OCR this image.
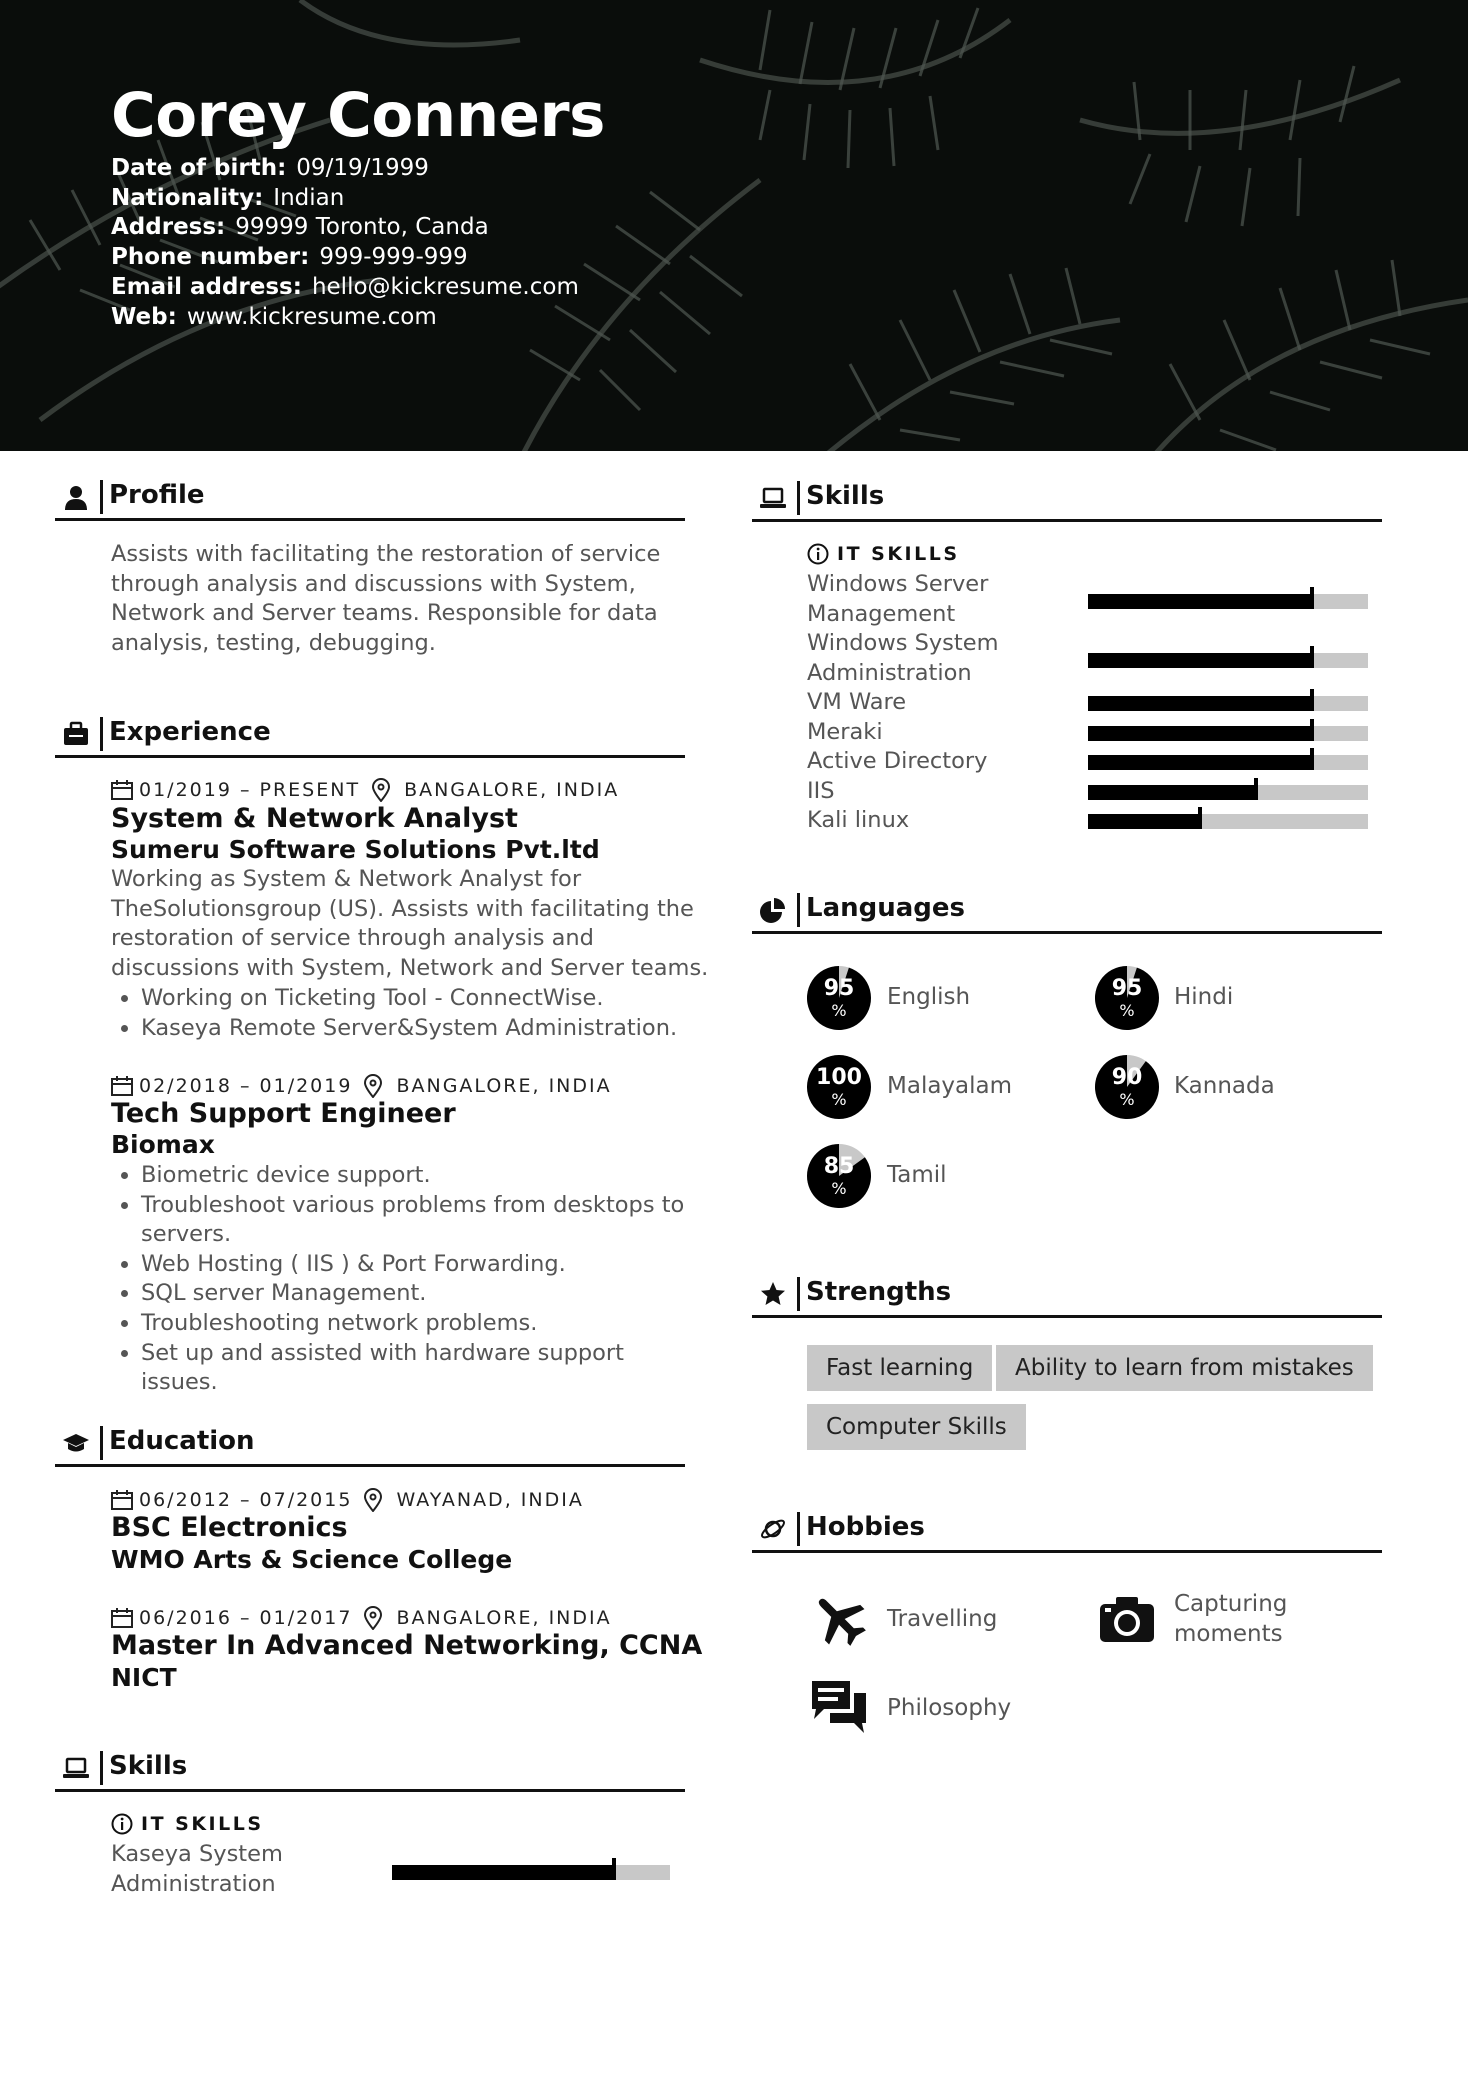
Corey Conners
Date of birth: 09/19/1999
Nationality: Indian
Address: 99999 Toronto, Canda
Phone number: 999-999-999
Email address: hello@kickresume.com
Web: www.kickresume.com
Profile
Assists with facilitating the restoration of service
through analysis and discussions with System,
Network and Server teams. Responsible for data
analysis, testing, debugging.
Experience
01/2019 – PRESENT BANGALORE, INDIA
System & Network Analyst
Sumeru Software Solutions Pvt.ltd
Working as System & Network Analyst for
TheSolutionsgroup (US). Assists with facilitating the
restoration of service through analysis and
discussions with System, Network and Server teams.
• Working on Ticketing Tool - ConnectWise.
• Kaseya Remote Server&System Administration.
02/2018 – 01/2019 BANGALORE, INDIA
Tech Support Engineer
Biomax
• Biometric device support.
• Troubleshoot various problems from desktops to servers.
• Web Hosting ( IIS ) & Port Forwarding.
• SQL server Management.
• Troubleshooting network problems.
• Set up and assisted with hardware support issues.
Education
06/2012 – 07/2015 WAYANAD, INDIA
BSC Electronics
WMO Arts & Science College
06/2016 – 01/2017 BANGALORE, INDIA
Master In Advanced Networking, CCNA
NICT
Skills
IT SKILLS
Kaseya System Administration
Skills
IT SKILLS
Windows Server Management
Windows System Administration
VM Ware
Meraki
Active Directory
IIS
Kali linux
Languages
95
%
English	95
%
Hindi
100
%
Malayalam	90
%
Kannada
85
%
Tamil
Strengths
Fast learning	Ability to learn from mistakes
Computer Skills
Hobbies
Travelling
Capturing moments
Philosophy
